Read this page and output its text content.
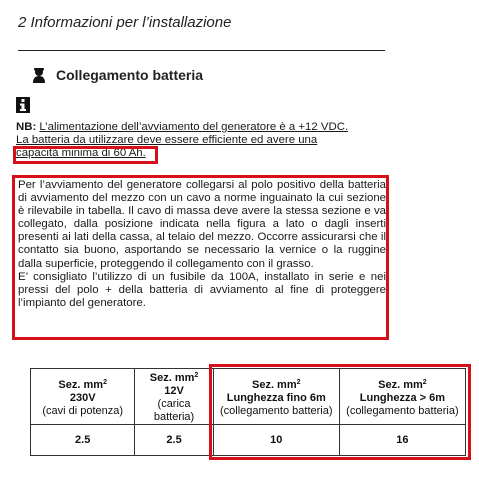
2 Informazioni per l’installazione
Collegamento batteria
NB: L’alimentazione dell’avviamento del generatore è a +12 VDC.
La batteria da utilizzare deve essere efficiente ed avere una
capacità minima di 60 Ah.

Per l’avviamento del generatore collegarsi al polo positivo della batteria di avviamento del mezzo con un cavo a norme inguainato la cui sezione è rilevabile in tabella. Il cavo di massa deve avere la stessa sezione e va collegato, dalla posizione indicata nella figura a lato o dagli inserti presenti ai lati della cassa, al telaio del mezzo. Occorre assicurarsi che il contatto sia buono, asportando se necessario la vernice o la ruggine dalla superficie, proteggendo il collegamento con il grasso.

E’ consigliato l’utilizzo di un fusibile da 100A, installato in serie e nei pressi del polo + della batteria di avviamento al fine di proteggere l’impianto del generatore.

Sez. $mm^2$
230V
(cavi di potenza)	Sez. $mm^2$
12V
(carica batteria)	Sez. $mm^2$
Lunghezza fino 6m
(collegamento batteria)	Sez. $mm^2$
Lunghezza > 6m
(collegamento batteria)
2.5	2.5	10	16
